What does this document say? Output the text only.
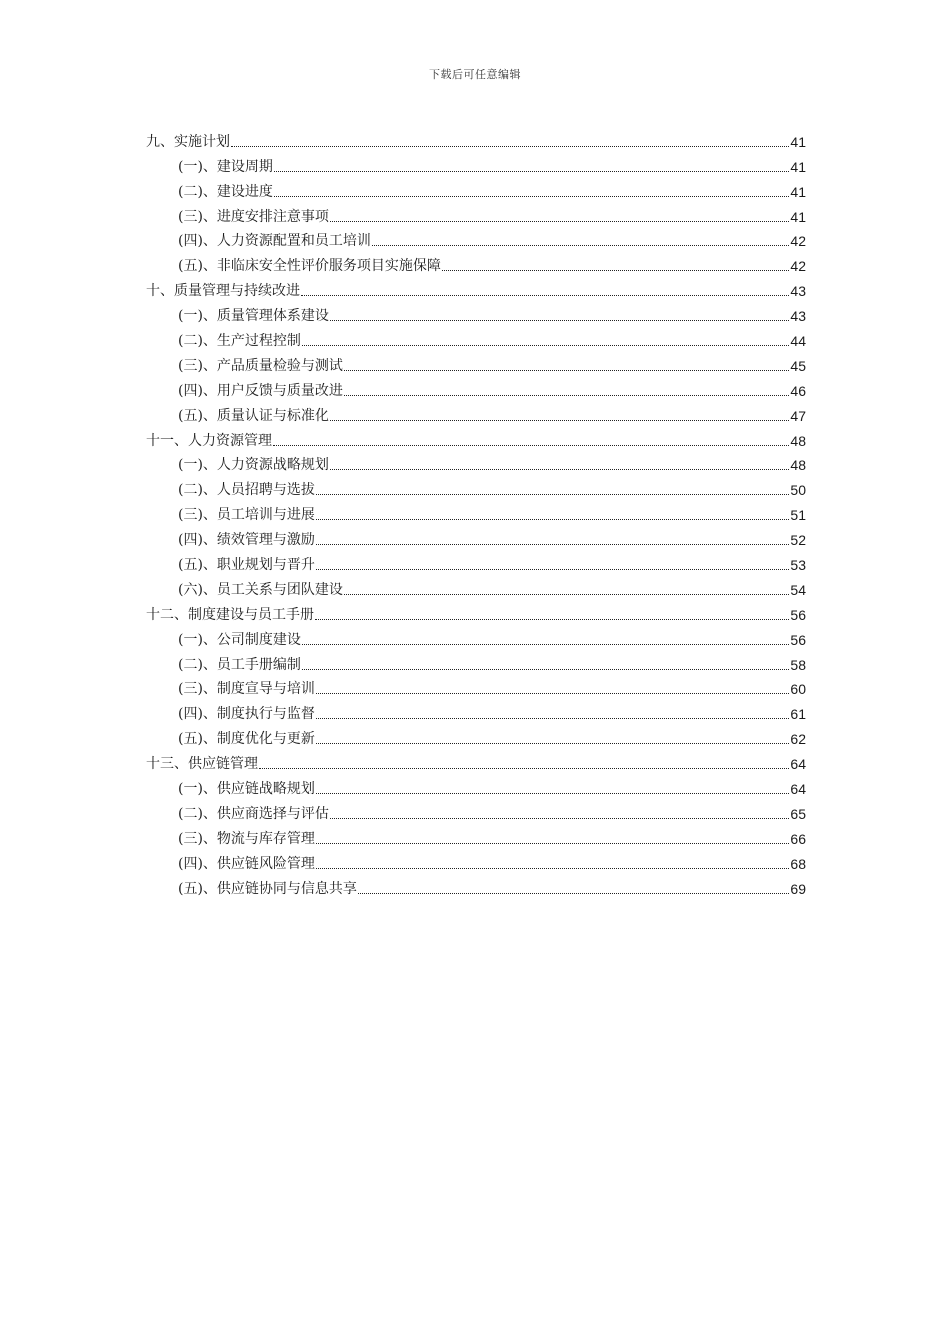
下载后可任意编辑
九、实施计划	41
(一)、建设周期	41
(二)、建设进度	41
(三)、进度安排注意事项	41
(四)、人力资源配置和员工培训	42
(五)、非临床安全性评价服务项目实施保障	42
十、质量管理与持续改进	43
(一)、质量管理体系建设	43
(二)、生产过程控制	44
(三)、产品质量检验与测试	45
(四)、用户反馈与质量改进	46
(五)、质量认证与标准化	47
十一、人力资源管理	48
(一)、人力资源战略规划	48
(二)、人员招聘与选拔	50
(三)、员工培训与进展	51
(四)、绩效管理与激励	52
(五)、职业规划与晋升	53
(六)、员工关系与团队建设	54
十二、制度建设与员工手册	56
(一)、公司制度建设	56
(二)、员工手册编制	58
(三)、制度宣导与培训	60
(四)、制度执行与监督	61
(五)、制度优化与更新	62
十三、供应链管理	64
(一)、供应链战略规划	64
(二)、供应商选择与评估	65
(三)、物流与库存管理	66
(四)、供应链风险管理	68
(五)、供应链协同与信息共享	69
